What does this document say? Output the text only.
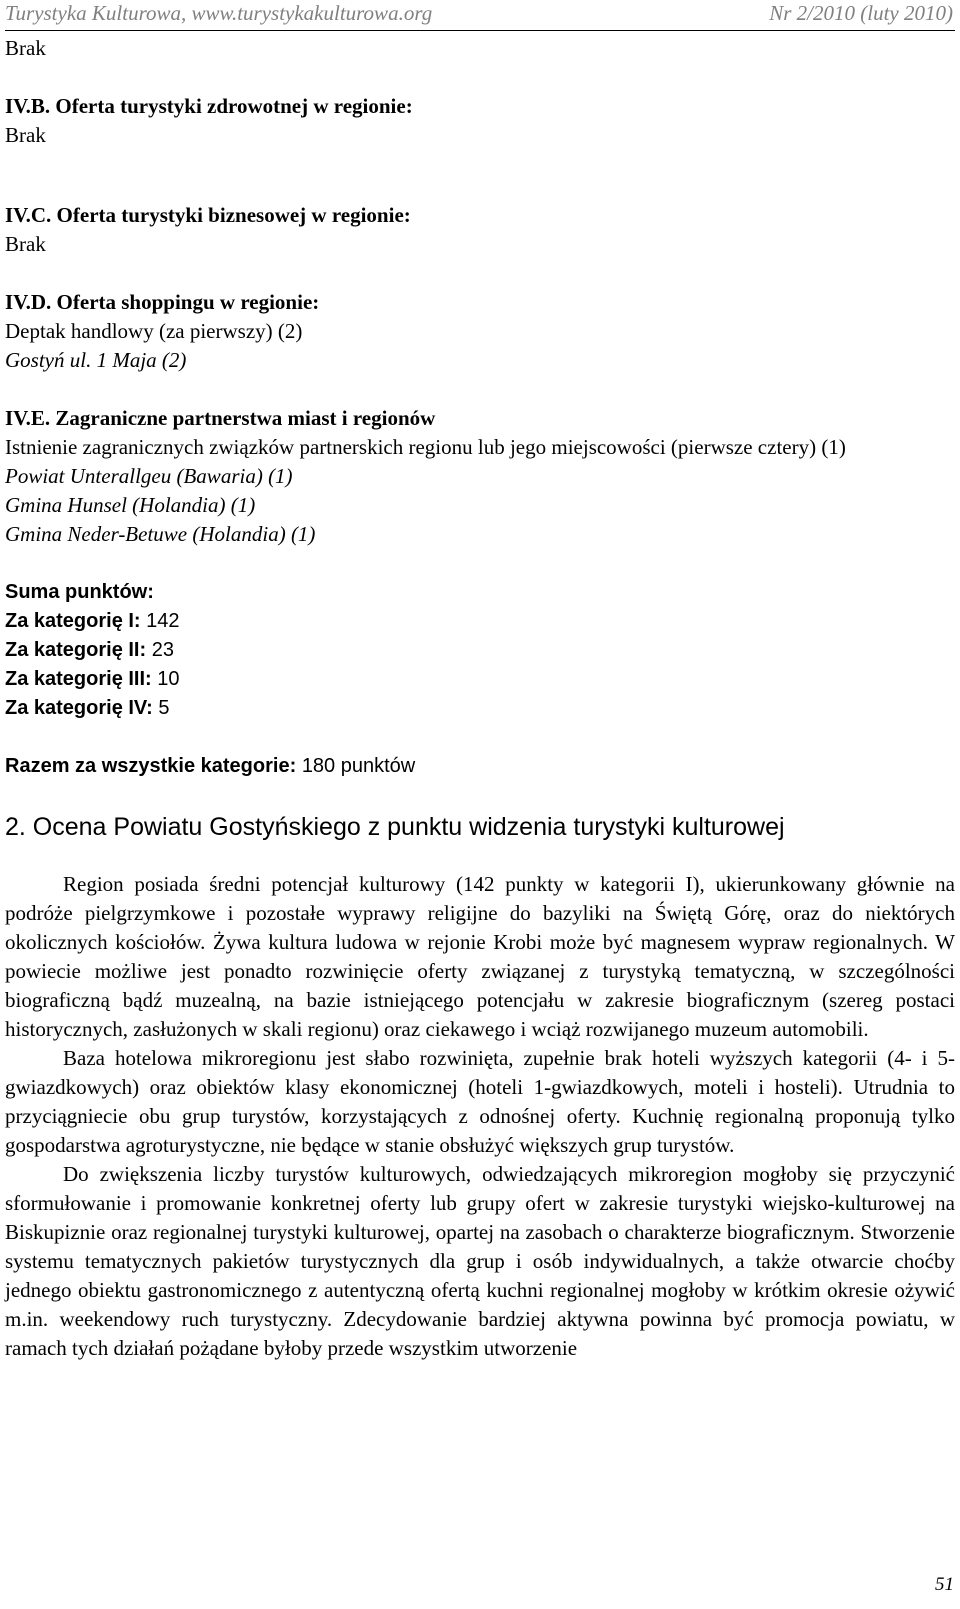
Turystyka Kulturowa, www.turystykakulturowa.org	Nr 2/2010 (luty 2010)

Brak

IV.B. Oferta turystyki zdrowotnej w regionie:

Brak

IV.C. Oferta turystyki biznesowej w regionie:

Brak

IV.D. Oferta shoppingu w regionie:

Deptak handlowy (za pierwszy) (2)

Gostyń ul. 1 Maja (2)

IV.E. Zagraniczne partnerstwa miast i regionów

Istnienie zagranicznych związków partnerskich regionu lub jego miejscowości (pierwsze cztery) (1)

Powiat Unterallgeu (Bawaria) (1)

Gmina Hunsel (Holandia) (1)

Gmina Neder-Betuwe (Holandia) (1)

Suma punktów:

Za kategorię I: 142

Za kategorię II: 23

Za kategorię III: 10

Za kategorię IV: 5

Razem za wszystkie kategorie: 180 punktów

2. Ocena Powiatu Gostyńskiego z punktu widzenia turystyki kulturowej

Region posiada średni potencjał kulturowy (142 punkty w kategorii I), ukierunkowany głównie na podróże pielgrzymkowe i pozostałe wyprawy religijne do bazyliki na Świętą Górę, oraz do niektórych okolicznych kościołów. Żywa kultura ludowa w rejonie Krobi może być magnesem wypraw regionalnych. W powiecie możliwe jest ponadto rozwinięcie oferty związanej z turystyką tematyczną, w szczególności biograficzną bądź muzealną, na bazie istniejącego potencjału w zakresie biograficznym (szereg postaci historycznych, zasłużonych w skali regionu) oraz ciekawego i wciąż rozwijanego muzeum automobili.

Baza hotelowa mikroregionu jest słabo rozwinięta, zupełnie brak hoteli wyższych kategorii (4- i 5- gwiazdkowych) oraz obiektów klasy ekonomicznej (hoteli 1-gwiazdkowych, moteli i hosteli). Utrudnia to przyciągniecie obu grup turystów, korzystających z odnośnej oferty. Kuchnię regionalną proponują tylko gospodarstwa agroturystyczne, nie będące w stanie obsłużyć większych grup turystów.

Do zwiększenia liczby turystów kulturowych, odwiedzających mikroregion mogłoby się przyczynić sformułowanie i promowanie konkretnej oferty lub grupy ofert w zakresie turystyki wiejsko-kulturowej na Biskupiznie oraz regionalnej turystyki kulturowej, opartej na zasobach o charakterze biograficznym. Stworzenie systemu tematycznych pakietów turystycznych dla grup i osób indywidualnych, a także otwarcie choćby jednego obiektu gastronomicznego z autentyczną ofertą kuchni regionalnej mogłoby w krótkim okresie ożywić m.in. weekendowy ruch turystyczny. Zdecydowanie bardziej aktywna powinna być promocja powiatu, w ramach tych działań pożądane byłoby przede wszystkim utworzenie

51
